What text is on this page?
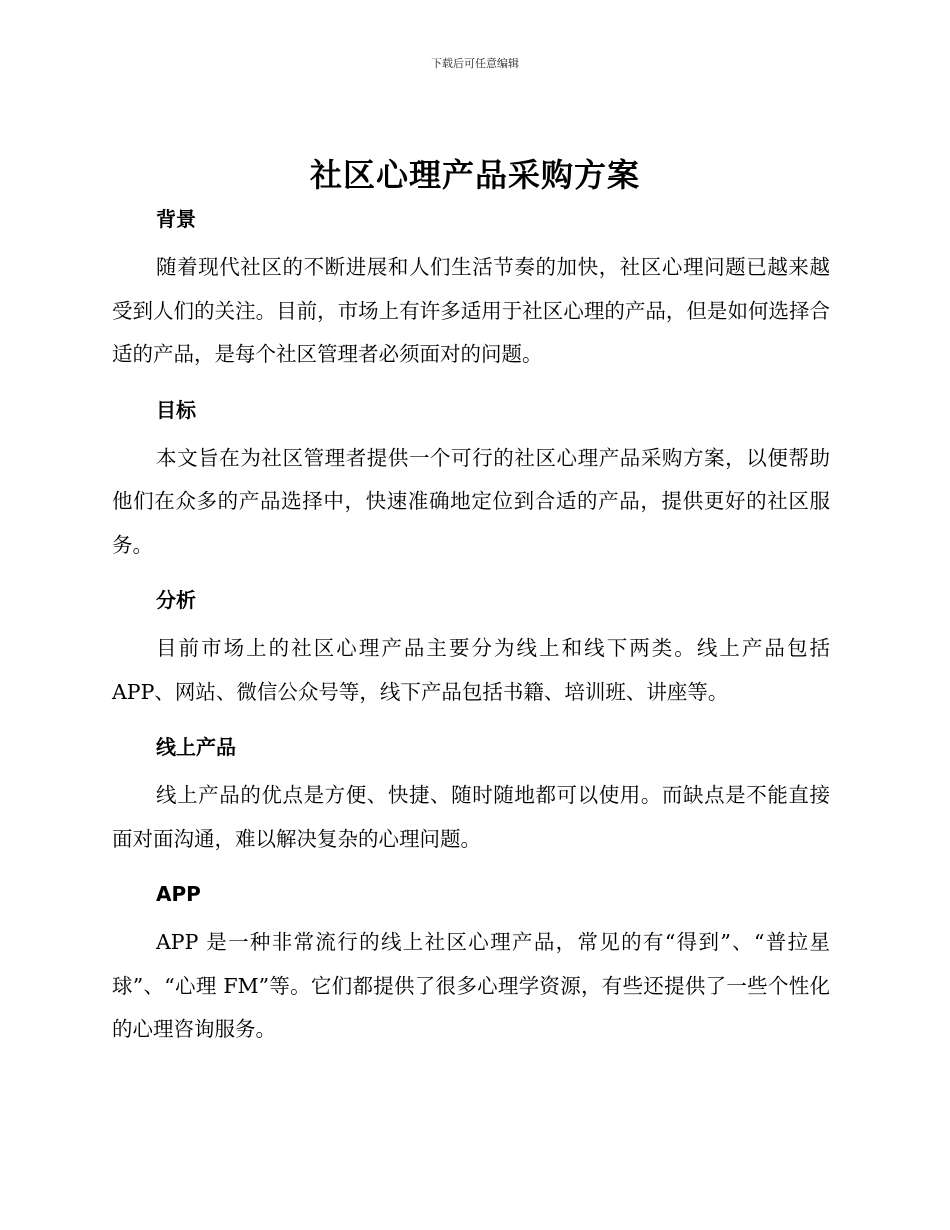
下载后可任意编辑
社区心理产品采购方案
背景

随着现代社区的不断进展和人们生活节奏的加快，社区心理问题已越来越受到人们的关注。目前，市场上有许多适用于社区心理的产品，但是如何选择合适的产品，是每个社区管理者必须面对的问题。

目标

本文旨在为社区管理者提供一个可行的社区心理产品采购方案，以便帮助他们在众多的产品选择中，快速准确地定位到合适的产品，提供更好的社区服务。

分析

目前市场上的社区心理产品主要分为线上和线下两类。线上产品包括APP、网站、微信公众号等，线下产品包括书籍、培训班、讲座等。

线上产品

线上产品的优点是方便、快捷、随时随地都可以使用。而缺点是不能直接面对面沟通，难以解决复杂的心理问题。

APP

APP 是一种非常流行的线上社区心理产品，常见的有“得到”、“普拉星球”、“心理 FM”等。它们都提供了很多心理学资源，有些还提供了一些个性化的心理咨询服务。
